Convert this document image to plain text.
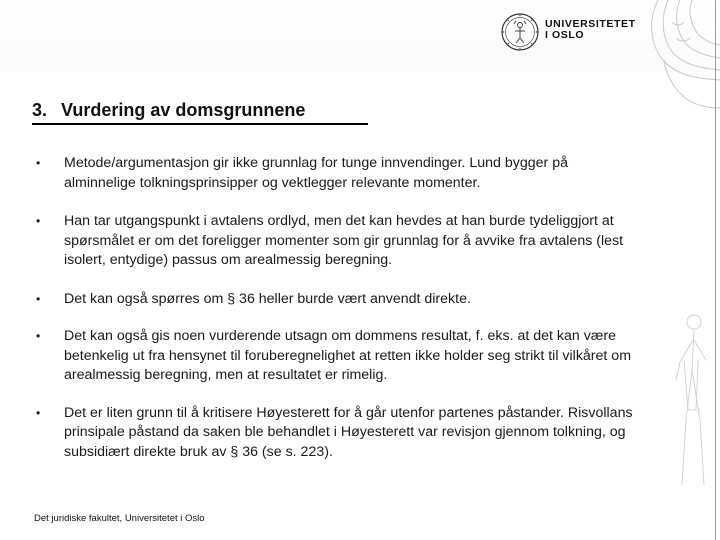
UNIVERSITETET
I OSLO
3. Vurdering av domsgrunnene
• Metode/argumentasjon gir ikke grunnlag for tunge innvendinger. Lund bygger på alminnelige tolkningsprinsipper og vektlegger relevante momenter.
• Han tar utgangspunkt i avtalens ordlyd, men det kan hevdes at han burde tydeliggjort at spørsmålet er om det foreligger momenter som gir grunnlag for å avvike fra avtalens (lest isolert, entydige) passus om arealmessig beregning.
• Det kan også spørres om § 36 heller burde vært anvendt direkte.
• Det kan også gis noen vurderende utsagn om dommens resultat, f. eks. at det kan være betenkelig ut fra hensynet til foruberegnelighet at retten ikke holder seg strikt til vilkåret om arealmessig beregning, men at resultatet er rimelig.
• Det er liten grunn til å kritisere Høyesterett for å går utenfor partenes påstander. Risvollans prinsipale påstand da saken ble behandlet i Høyesterett var revisjon gjennom tolkning, og subsidiært direkte bruk av § 36 (se s. 223).
Det juridiske fakultet, Universitetet i Oslo
